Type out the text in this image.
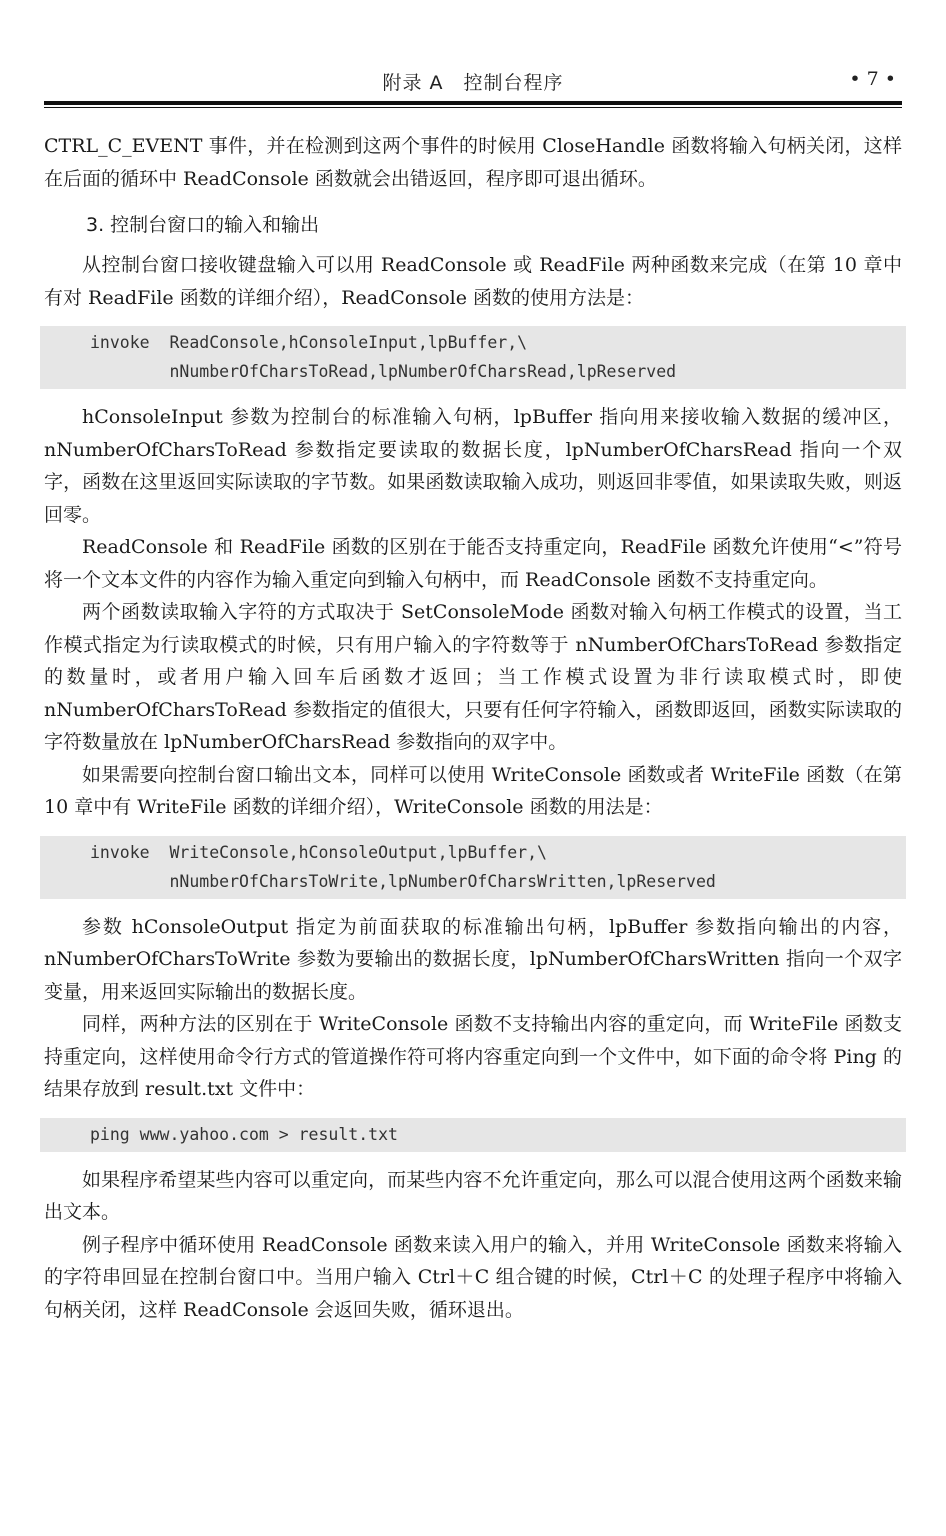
附录 A　控制台程序	• 7 •

CTRL_C_EVENT 事件，并在检测到这两个事件的时候用 CloseHandle 函数将输入句柄关闭，这样在后面的循环中 ReadConsole 函数就会出错返回，程序即可退出循环。

3. 控制台窗口的输入和输出

从控制台窗口接收键盘输入可以用 ReadConsole 或 ReadFile 两种函数来完成（在第 10 章中有对 ReadFile 函数的详细介绍），ReadConsole 函数的使用方法是：

invoke  ReadConsole,hConsoleInput,lpBuffer,\
nNumberOfCharsToRead,lpNumberOfCharsRead,lpReserved

hConsoleInput 参数为控制台的标准输入句柄，lpBuffer 指向用来接收输入数据的缓冲区，nNumberOfCharsToRead 参数指定要读取的数据长度，lpNumberOfCharsRead 指向一个双字，函数在这里返回实际读取的字节数。如果函数读取输入成功，则返回非零值，如果读取失败，则返回零。

ReadConsole 和 ReadFile 函数的区别在于能否支持重定向，ReadFile 函数允许使用“<”符号将一个文本文件的内容作为输入重定向到输入句柄中，而 ReadConsole 函数不支持重定向。

两个函数读取输入字符的方式取决于 SetConsoleMode 函数对输入句柄工作模式的设置，当工作模式指定为行读取模式的时候，只有用户输入的字符数等于 nNumberOfCharsToRead 参数指定的数量时，或者用户输入回车后函数才返回；当工作模式设置为非行读取模式时，即使 nNumberOfCharsToRead 参数指定的值很大，只要有任何字符输入，函数即返回，函数实际读取的字符数量放在 lpNumberOfCharsRead 参数指向的双字中。

如果需要向控制台窗口输出文本，同样可以使用 WriteConsole 函数或者 WriteFile 函数（在第 10 章中有 WriteFile 函数的详细介绍），WriteConsole 函数的用法是：

invoke  WriteConsole,hConsoleOutput,lpBuffer,\
nNumberOfCharsToWrite,lpNumberOfCharsWritten,lpReserved

参数 hConsoleOutput 指定为前面获取的标准输出句柄，lpBuffer 参数指向输出的内容，nNumberOfCharsToWrite 参数为要输出的数据长度，lpNumberOfCharsWritten 指向一个双字变量，用来返回实际输出的数据长度。

同样，两种方法的区别在于 WriteConsole 函数不支持输出内容的重定向，而 WriteFile 函数支持重定向，这样使用命令行方式的管道操作符可将内容重定向到一个文件中，如下面的命令将 Ping 的结果存放到 result.txt 文件中：

ping www.yahoo.com > result.txt

如果程序希望某些内容可以重定向，而某些内容不允许重定向，那么可以混合使用这两个函数来输出文本。

例子程序中循环使用 ReadConsole 函数来读入用户的输入，并用 WriteConsole 函数来将输入的字符串回显在控制台窗口中。当用户输入 Ctrl＋C 组合键的时候，Ctrl＋C 的处理子程序中将输入句柄关闭，这样 ReadConsole 会返回失败，循环退出。
